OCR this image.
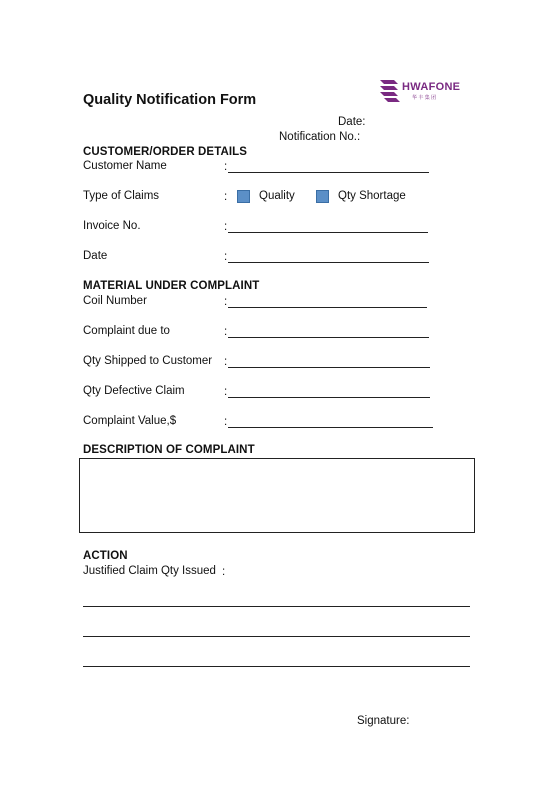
HWAFONE
华 丰 集 团
Quality Notification Form
Date:
Notification No.:
CUSTOMER/ORDER DETAILS
Customer Name	:
Type of Claims	:	Quality	Qty Shortage
Invoice No.	:
Date	:
MATERIAL UNDER COMPLAINT
Coil Number	:
Complaint due to	:
Qty Shipped to Customer :
Qty Defective Claim	:
Complaint Value,$	:
DESCRIPTION OF COMPLAINT
ACTION
Justified Claim Qty Issued :
Signature:
